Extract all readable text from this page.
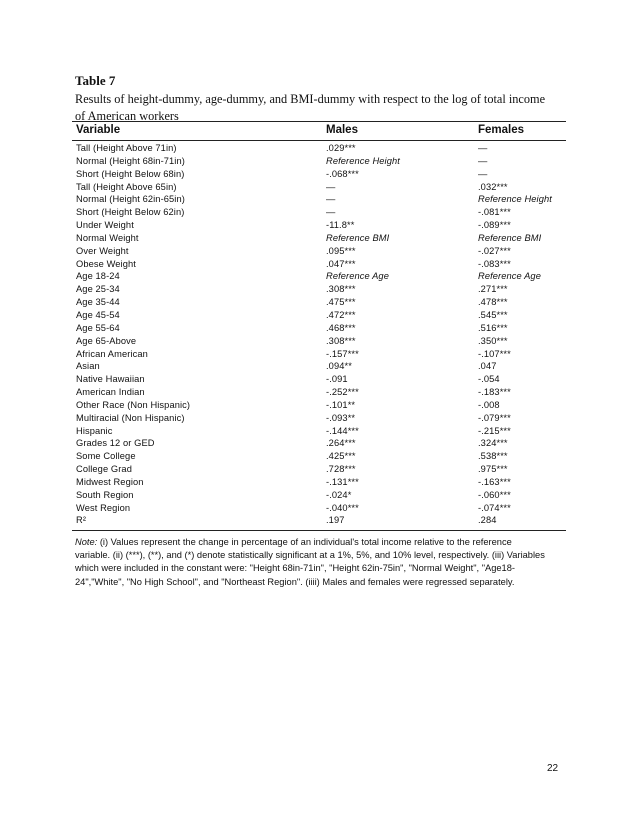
Table 7

Results of height-dummy, age-dummy, and BMI-dummy with respect to the log of total income of American workers

Variable	Males	Females
Tall (Height Above 71in)	.029***	—
Normal (Height 68in-71in)	Reference Height	—
Short (Height Below 68in)	-.068***	—
Tall (Height Above 65in)	—	.032***
Normal (Height 62in-65in)	—	Reference Height
Short (Height Below 62in)	—	-.081***
Under Weight	-11.8**	-.089***
Normal Weight	Reference BMI	Reference BMI
Over Weight	.095***	-.027***
Obese Weight	.047***	-.083***
Age 18-24	Reference Age	Reference Age
Age 25-34	.308***	.271***
Age 35-44	.475***	.478***
Age 45-54	.472***	.545***
Age 55-64	.468***	.516***
Age 65-Above	.308***	.350***
African American	-.157***	-.107***
Asian	.094**	.047
Native Hawaiian	-.091	-.054
American Indian	-.252***	-.183***
Other Race (Non Hispanic)	-.101**	-.008
Multiracial (Non Hispanic)	-.093**	-.079***
Hispanic	-.144***	-.215***
Grades 12 or GED	.264***	.324***
Some College	.425***	.538***
College Grad	.728***	.975***
Midwest Region	-.131***	-.163***
South Region	-.024*	-.060***
West Region	-.040***	-.074***
R²	.197	.284

Note: (i) Values represent the change in percentage of an individual's total income relative to the reference variable. (ii) (***), (**), and (*) denote statistically significant at a 1%, 5%, and 10% level, respectively. (iii) Variables which were included in the constant were: "Height 68in-71in", "Height 62in-75in", "Normal Weight", "Age18-24","White", "No High School", and "Northeast Region". (iiii) Males and females were regressed separately.

22
